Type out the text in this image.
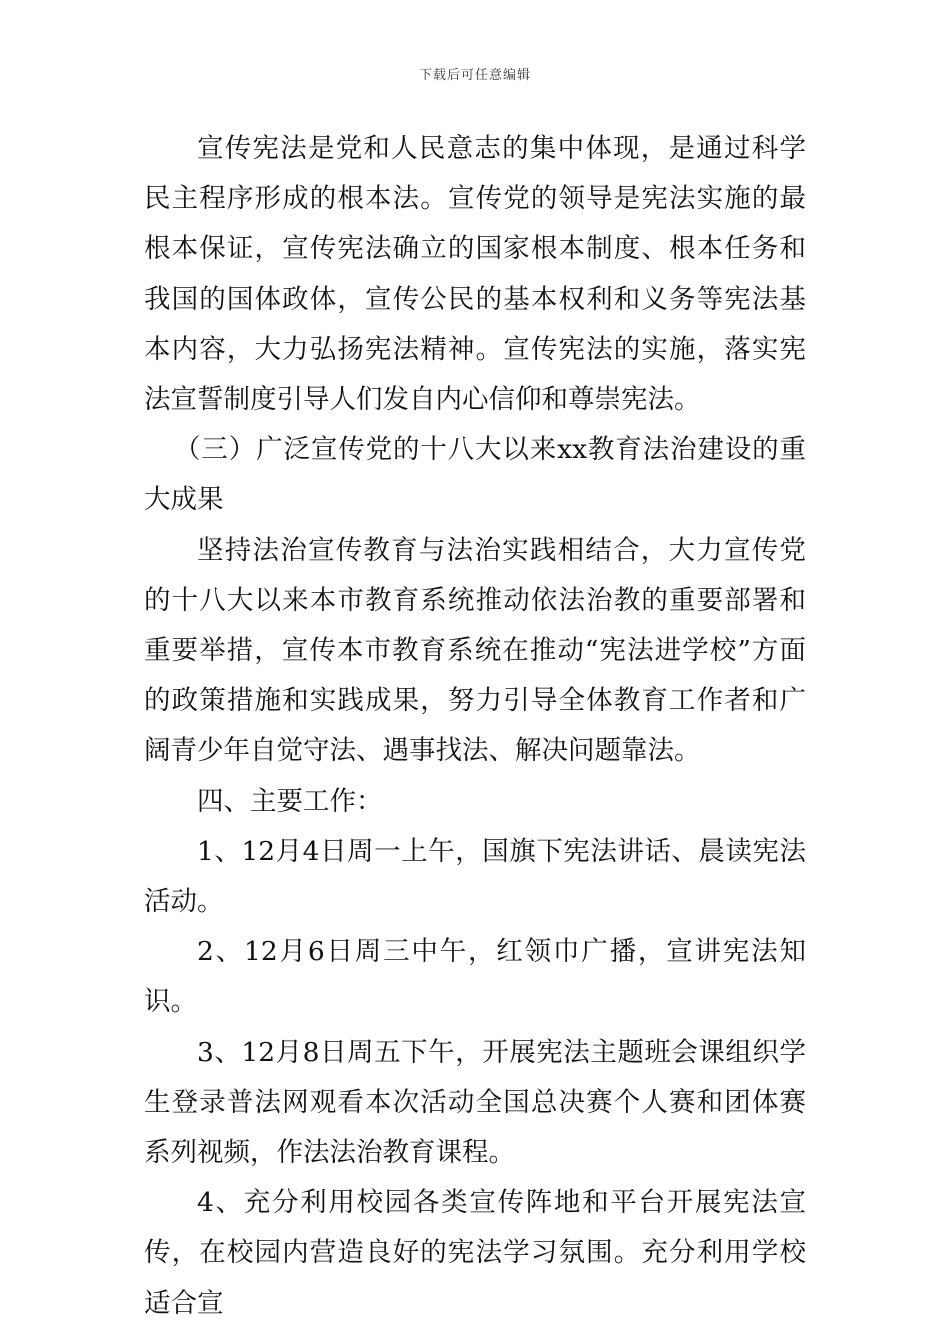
下载后可任意编辑

宣传宪法是党和人民意志的集中体现，是通过科学民主程序形成的根本法。宣传党的领导是宪法实施的最根本保证，宣传宪法确立的国家根本制度、根本任务和我国的国体政体，宣传公民的基本权利和义务等宪法基本内容，大力弘扬宪法精神。宣传宪法的实施，落实宪法宣誓制度引导人们发自内心信仰和尊崇宪法。

（三）广泛宣传党的十八大以来xx教育法治建设的重大成果

坚持法治宣传教育与法治实践相结合，大力宣传党的十八大以来本市教育系统推动依法治教的重要部署和重要举措，宣传本市教育系统在推动“宪法进学校”方面的政策措施和实践成果，努力引导全体教育工作者和广阔青少年自觉守法、遇事找法、解决问题靠法。

四、主要工作：

1、12月4日周一上午，国旗下宪法讲话、晨读宪法活动。

2、12月6日周三中午，红领巾广播，宣讲宪法知识。

3、12月8日周五下午，开展宪法主题班会课组织学生登录普法网观看本次活动全国总决赛个人赛和团体赛系列视频，作法法治教育课程。

4、充分利用校园各类宣传阵地和平台开展宪法宣传，在校园内营造良好的宪法学习氛围。充分利用学校适合宣
